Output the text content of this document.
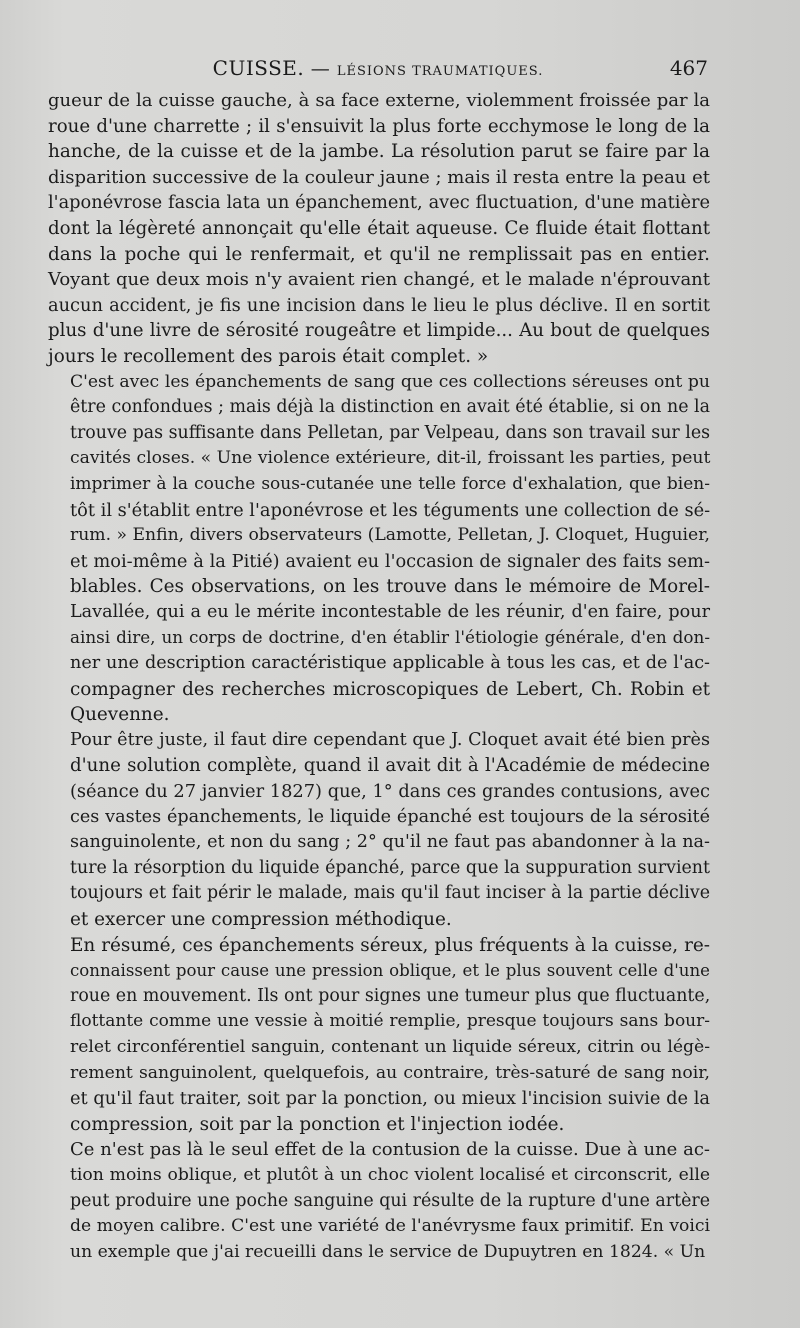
CUISSE. — LÉSIONS TRAUMATIQUES.	467

gueur de la cuisse gauche, à sa face externe, violemment froissée par la
roue d'une charrette ; il s'ensuivit la plus forte ecchymose le long de la
hanche, de la cuisse et de la jambe. La résolution parut se faire par la
disparition successive de la couleur jaune ; mais il resta entre la peau et
l'aponévrose fascia lata un épanchement, avec fluctuation, d'une matière
dont la légèreté annonçait qu'elle était aqueuse. Ce fluide était flottant
dans la poche qui le renfermait, et qu'il ne remplissait pas en entier.
Voyant que deux mois n'y avaient rien changé, et le malade n'éprouvant
aucun accident, je fis une incision dans le lieu le plus déclive. Il en sortit
plus d'une livre de sérosité rougeâtre et limpide... Au bout de quelques
jours le recollement des parois était complet. »

C'est avec les épanchements de sang que ces collections séreuses ont pu
être confondues ; mais déjà la distinction en avait été établie, si on ne la
trouve pas suffisante dans Pelletan, par Velpeau, dans son travail sur les
cavités closes. « Une violence extérieure, dit-il, froissant les parties, peut
imprimer à la couche sous-cutanée une telle force d'exhalation, que bien-
tôt il s'établit entre l'aponévrose et les téguments une collection de sé-
rum. » Enfin, divers observateurs (Lamotte, Pelletan, J. Cloquet, Huguier,
et moi-même à la Pitié) avaient eu l'occasion de signaler des faits sem-
blables. Ces observations, on les trouve dans le mémoire de Morel-
Lavallée, qui a eu le mérite incontestable de les réunir, d'en faire, pour
ainsi dire, un corps de doctrine, d'en établir l'étiologie générale, d'en don-
ner une description caractéristique applicable à tous les cas, et de l'ac-
compagner des recherches microscopiques de Lebert, Ch. Robin et
Quevenne.

Pour être juste, il faut dire cependant que J. Cloquet avait été bien près
d'une solution complète, quand il avait dit à l'Académie de médecine
(séance du 27 janvier 1827) que, 1° dans ces grandes contusions, avec
ces vastes épanchements, le liquide épanché est toujours de la sérosité
sanguinolente, et non du sang ; 2° qu'il ne faut pas abandonner à la na-
ture la résorption du liquide épanché, parce que la suppuration survient
toujours et fait périr le malade, mais qu'il faut inciser à la partie déclive
et exercer une compression méthodique.

En résumé, ces épanchements séreux, plus fréquents à la cuisse, re-
connaissent pour cause une pression oblique, et le plus souvent celle d'une
roue en mouvement. Ils ont pour signes une tumeur plus que fluctuante,
flottante comme une vessie à moitié remplie, presque toujours sans bour-
relet circonférentiel sanguin, contenant un liquide séreux, citrin ou légè-
rement sanguinolent, quelquefois, au contraire, très-saturé de sang noir,
et qu'il faut traiter, soit par la ponction, ou mieux l'incision suivie de la
compression, soit par la ponction et l'injection iodée.

Ce n'est pas là le seul effet de la contusion de la cuisse. Due à une ac-
tion moins oblique, et plutôt à un choc violent localisé et circonscrit, elle
peut produire une poche sanguine qui résulte de la rupture d'une artère
de moyen calibre. C'est une variété de l'anévrysme faux primitif. En voici
un exemple que j'ai recueilli dans le service de Dupuytren en 1824. « Un
